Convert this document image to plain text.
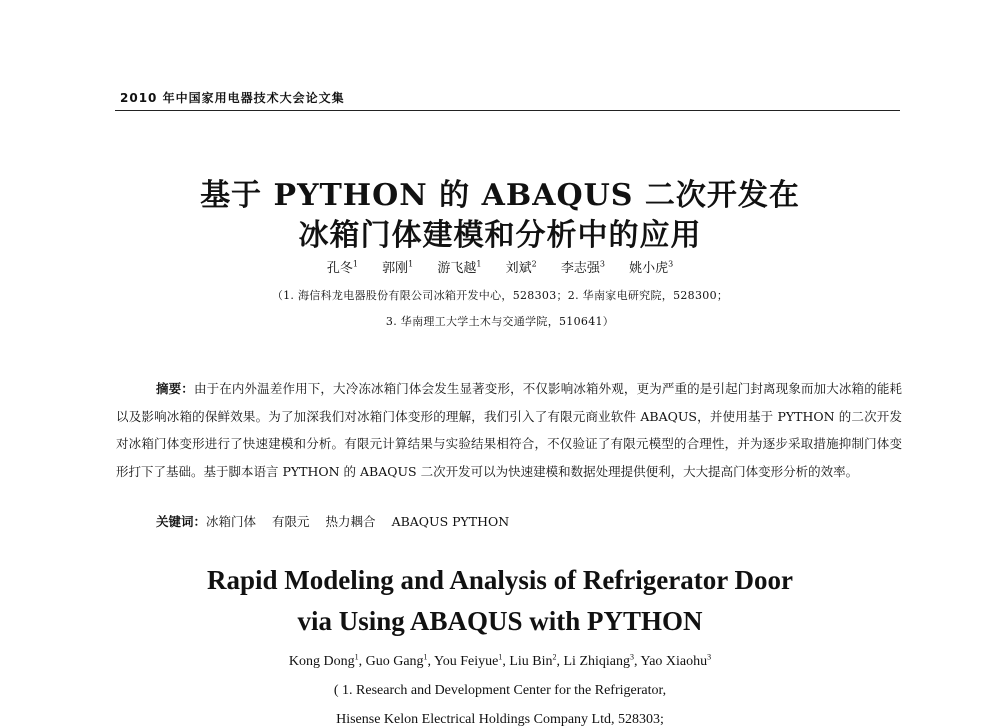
2010 年中国家用电器技术大会论文集
基于 PYTHON 的 ABAQUS 二次开发在
冰箱门体建模和分析中的应用
孔冬$^1$ 郭刚$^1$ 游飞越$^1$ 刘斌$^2$ 李志强$^3$ 姚小虎$^3$
（1. 海信科龙电器股份有限公司冰箱开发中心，528303；2. 华南家电研究院，528300；
3. 华南理工大学土木与交通学院，510641）
摘要：由于在内外温差作用下，大冷冻冰箱门体会发生显著变形，不仅影响冰箱外观，更为严重的是引起门封离现象而加大冰箱的能耗以及影响冰箱的保鲜效果。为了加深我们对冰箱门体变形的理解，我们引入了有限元商业软件 ABAQUS，并使用基于 PYTHON 的二次开发对冰箱门体变形进行了快速建模和分析。有限元计算结果与实验结果相符合，不仅验证了有限元模型的合理性，并为逐步采取措施抑制门体变形打下了基础。基于脚本语言 PYTHON 的 ABAQUS 二次开发可以为快速建模和数据处理提供便利，大大提高门体变形分析的效率。
关键词：冰箱门体 有限元 热力耦合 ABAQUS PYTHON
Rapid Modeling and Analysis of Refrigerator Door
via Using ABAQUS with PYTHON
Kong Dong$^1$, Guo Gang$^1$, You Feiyue$^1$, Liu Bin$^2$, Li Zhiqiang$^3$, Yao Xiaohu$^3$
( 1. Research and Development Center for the Refrigerator,
Hisense Kelon Electrical Holdings Company Ltd, 528303;
